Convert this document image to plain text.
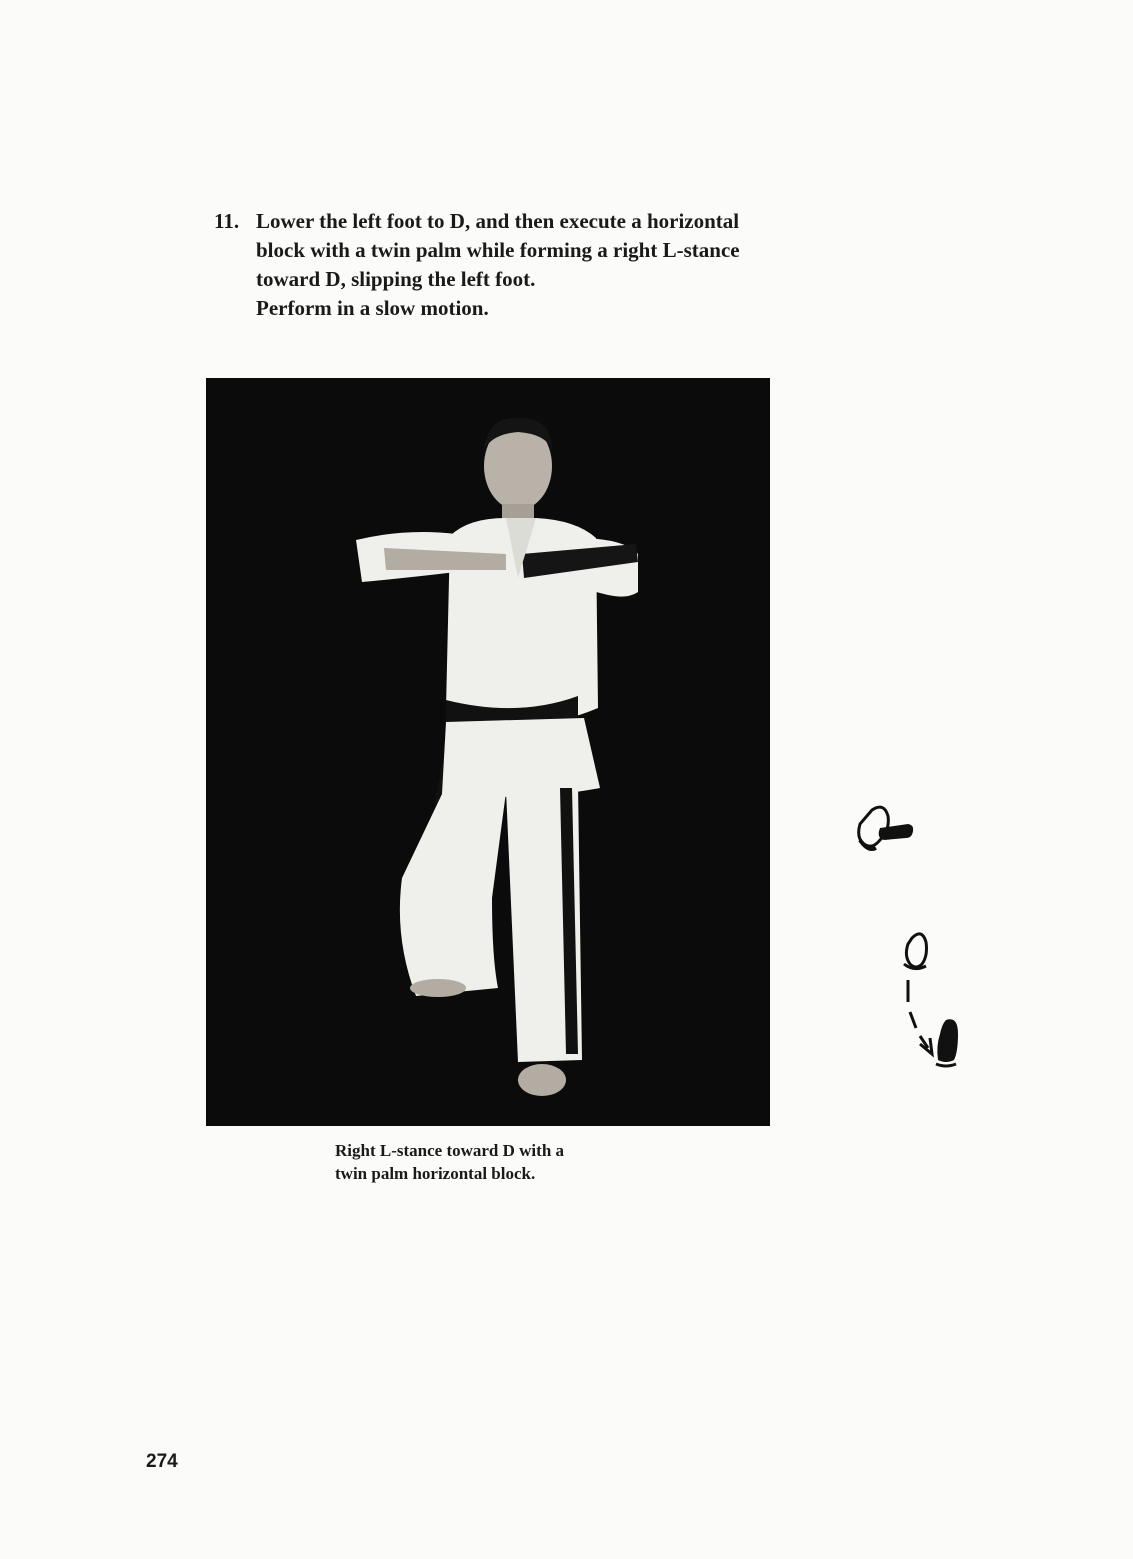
11. Lower the left foot to D, and then execute a horizontal
block with a twin palm while forming a right L-stance
toward D, slipping the left foot.
Perform in a slow motion.
Right L-stance toward D with a
twin palm horizontal block.
274
